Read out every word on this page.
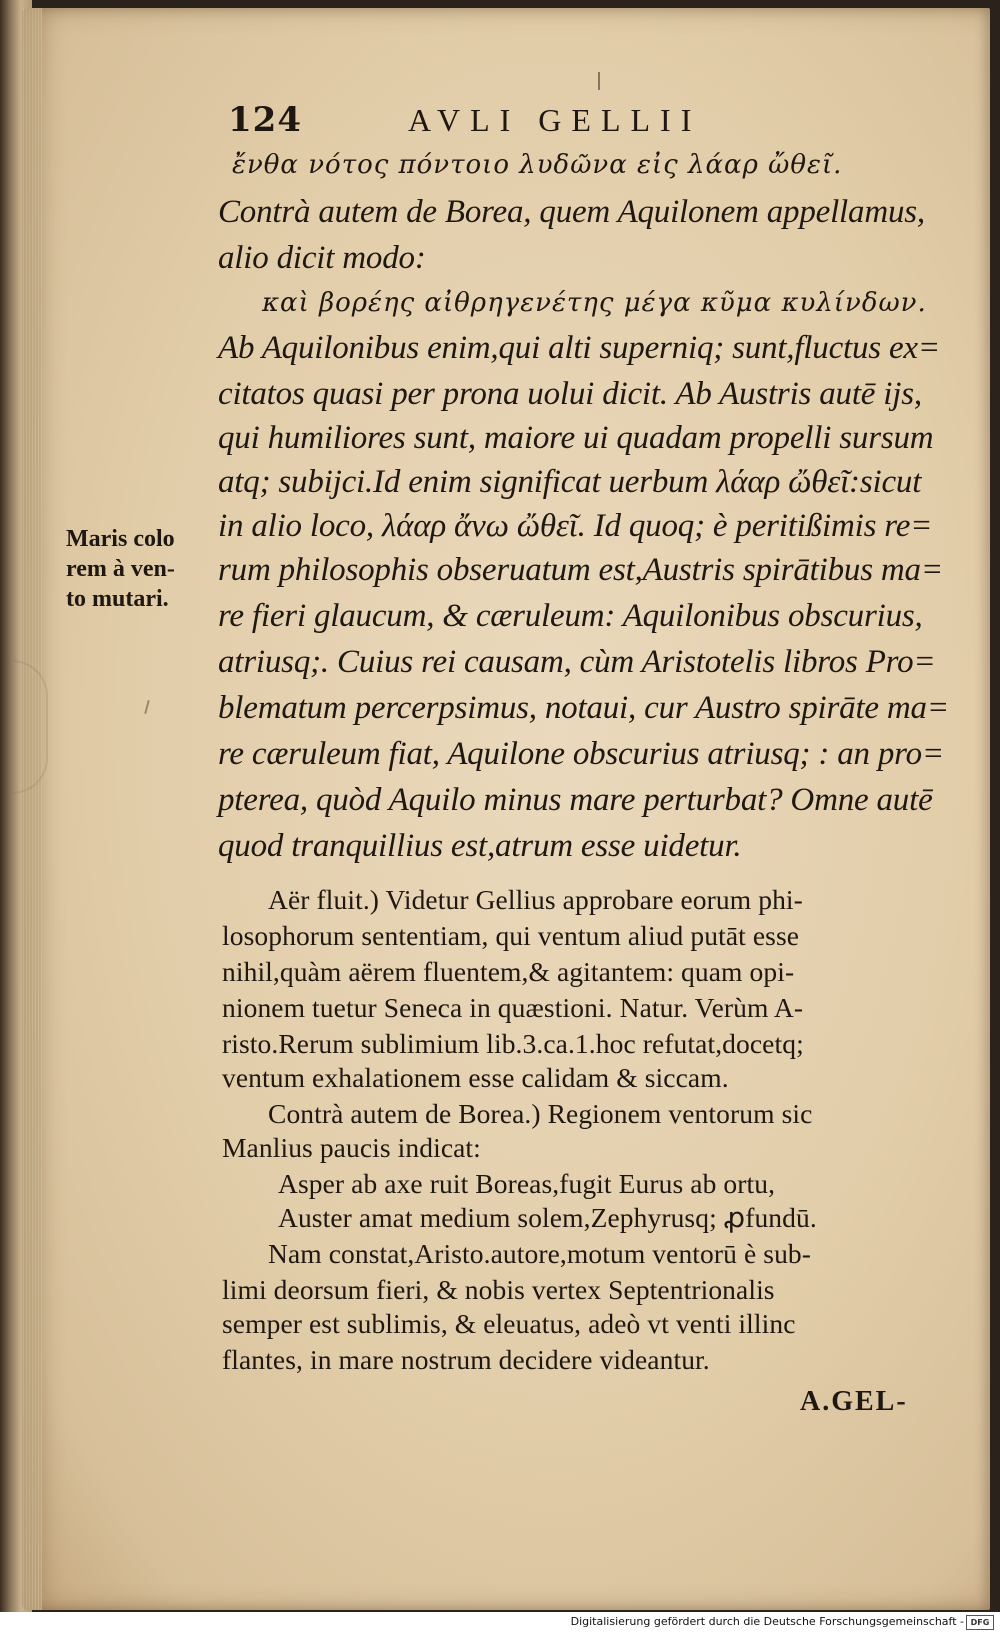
124	AVLI GELLII
ἔνθα νότος πόντοιο λυδῶνα εἰς λάαρ ὤθεῖ.
Contrà autem de Borea, quem Aquilonem appellamus,
alio dicit modo:
καὶ βορέης αἰθρηγενέτης μέγα κῦμα κυλίνδων.
Ab Aquilonibus enim,qui alti superniq; sunt,fluctus ex=
citatos quasi per prona uolui dicit. Ab Austris autē ijs,
qui humiliores sunt, maiore ui quadam propelli sursum
atq; subijci.Id enim significat uerbum λάαρ ὤθεῖ:sicut
in alio loco, λάαρ ἄνω ὤθεῖ. Id quoq; è peritißimis re=
rum philosophis obseruatum est,Austris spirātibus ma=
re fieri glaucum, & cæruleum: Aquilonibus obscurius,
atriusq;. Cuius rei causam, cùm Aristotelis libros Pro=
blematum percerpsimus, notaui, cur Austro spirāte ma=
re cæruleum fiat, Aquilone obscurius atriusq; : an pro=
pterea, quòd Aquilo minus mare perturbat? Omne autē
quod tranquillius est,atrum esse uidetur.
Maris colo
rem à ven-
to mutari.
Aër fluit.) Videtur Gellius approbare eorum phi-
losophorum sententiam, qui ventum aliud putāt esse
nihil,quàm aërem fluentem,& agitantem: quam opi-
nionem tuetur Seneca in quæstioni. Natur. Verùm A-
risto.Rerum sublimium lib.3.ca.1.hoc refutat,docetq;
ventum exhalationem esse calidam & siccam.
Contrà autem de Borea.) Regionem ventorum sic
Manlius paucis indicat:
Asper ab axe ruit Boreas,fugit Eurus ab ortu,
Auster amat medium solem,Zephyrusq; ꝓfundū.
Nam constat,Aristo.autore,motum ventorū è sub-
limi deorsum fieri, & nobis vertex Septentrionalis
semper est sublimis, & eleuatus, adeò vt venti illinc
flantes, in mare nostrum decidere videantur.
A.GEL-
Digitalisierung gefördert durch die Deutsche Forschungsgemeinschaft - DFG
